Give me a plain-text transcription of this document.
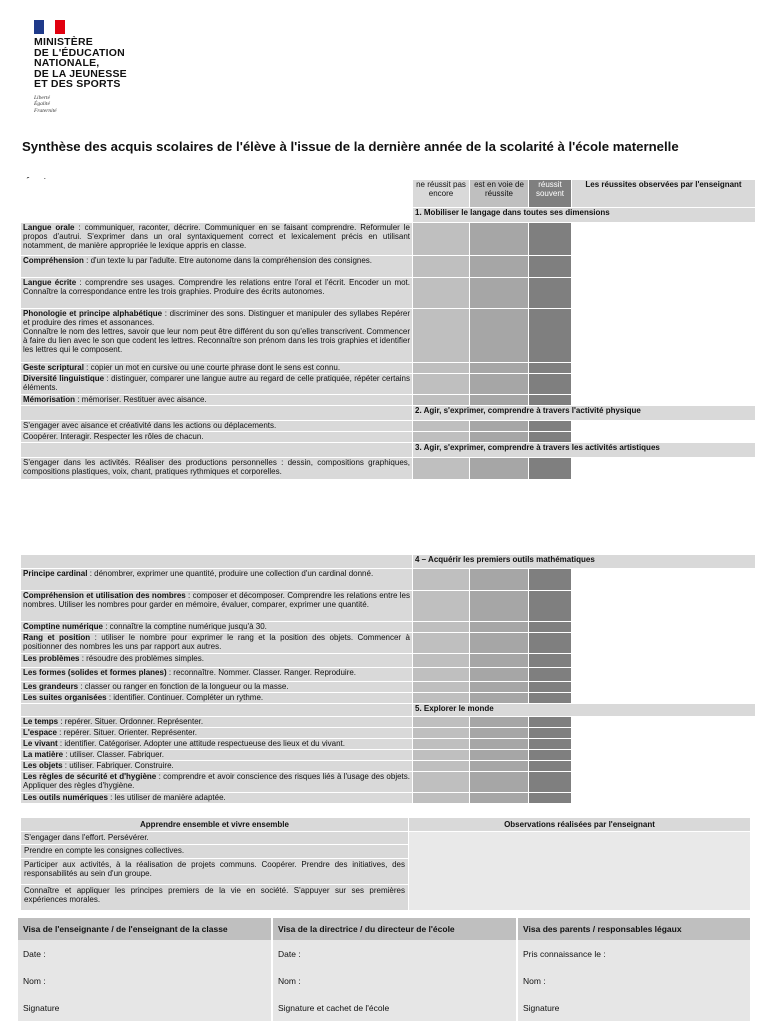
MINISTÈRE
DE L'ÉDUCATION
NATIONALE,
DE LA JEUNESSE
ET DES SPORTS
Liberté
Égalité
Fraternité
Synthèse des acquis scolaires de l'élève à l'issue de la dernière année de la scolarité à l'école maternelle
	ne réussit pas encore	est en voie de réussite	réussit souvent	Les réussites observées par l'enseignant
	1. Mobiliser le langage dans toutes ses dimensions			
Langue orale : communiquer, raconter, décrire. Communiquer en se faisant comprendre. Reformuler le propos d'autrui. S'exprimer dans un oral syntaxiquement correct et lexicalement précis en utilisant notamment, de manière appropriée le lexique appris en classe.				
Compréhension : d'un texte lu par l'adulte. Etre autonome dans la compréhension des consignes.				
Langue écrite : comprendre ses usages. Comprendre les relations entre l'oral et l'écrit. Encoder un mot. Connaître la correspondance entre les trois graphies. Produire des écrits autonomes.				
Phonologie et principe alphabétique : discriminer des sons. Distinguer et manipuler des syllabes Repérer et produire des rimes et assonances.
Connaître le nom des lettres, savoir que leur nom peut être différent du son qu'elles transcrivent. Commencer à faire du lien avec le son que codent les lettres. Reconnaître son prénom dans les trois graphies et identifier les lettres qui le composent.				
Geste scriptural : copier un mot en cursive ou une courte phrase dont le sens est connu.				
Diversité linguistique : distinguer, comparer une langue autre au regard de celle pratiquée, répéter certains éléments.				
Mémorisation : mémoriser. Restituer avec aisance.				
	2. Agir, s'exprimer, comprendre à travers l'activité physique			
S'engager avec aisance et créativité dans les actions ou déplacements.				
Coopérer. Interagir. Respecter les rôles de chacun.				
	3. Agir, s'exprimer, comprendre à travers les activités artistiques			
S'engager dans les activités. Réaliser des productions personnelles : dessin, compositions graphiques, compositions plastiques, voix, chant, pratiques rythmiques et corporelles.				
	4 – Acquérir les premiers outils mathématiques			
Principe cardinal : dénombrer, exprimer une quantité, produire une collection d'un cardinal donné.				
Compréhension et utilisation des nombres : composer et décomposer. Comprendre les relations entre les nombres. Utiliser les nombres pour garder en mémoire, évaluer, comparer, exprimer une quantité.				
Comptine numérique : connaître la comptine numérique jusqu'à 30.				
Rang et position : utiliser le nombre pour exprimer le rang et la position des objets. Commencer à positionner des nombres les uns par rapport aux autres.				
Les problèmes : résoudre des problèmes simples.				
Les formes (solides et formes planes) : reconnaître. Nommer. Classer. Ranger. Reproduire.				
Les grandeurs : classer ou ranger en fonction de la longueur ou la masse.				
Les suites organisées : identifier. Continuer. Compléter un rythme.				
	5. Explorer le monde			
Le temps : repérer. Situer. Ordonner. Représenter.				
L'espace : repérer. Situer. Orienter. Représenter.				
Le vivant : identifier. Catégoriser. Adopter une attitude respectueuse des lieux et du vivant.				
La matière : utiliser. Classer. Fabriquer.				
Les objets : utiliser. Fabriquer. Construire.				
Les règles de sécurité et d'hygiène : comprendre et avoir conscience des risques liés à l'usage des objets. Appliquer des règles d'hygiène.				
Les outils numériques : les utiliser de manière adaptée.				
Apprendre ensemble et vivre ensemble	Observations réalisées par l'enseignant
S'engager dans l'effort. Persévérer.	
Prendre en compte les consignes collectives.	
Participer aux activités, à la réalisation de projets communs. Coopérer. Prendre des initiatives, des responsabilités au sein d'un groupe.	
Connaître et appliquer les principes premiers de la vie en société. S'appuyer sur ses premières expériences morales.	
Visa de l'enseignante / de l'enseignant de la classe	Visa de la directrice / du directeur de l'école	Visa des parents / responsables légaux
Date :	Date :	Pris connaissance le :
Nom :	Nom :	Nom :
Signature	Signature et cachet de l'école	Signature
